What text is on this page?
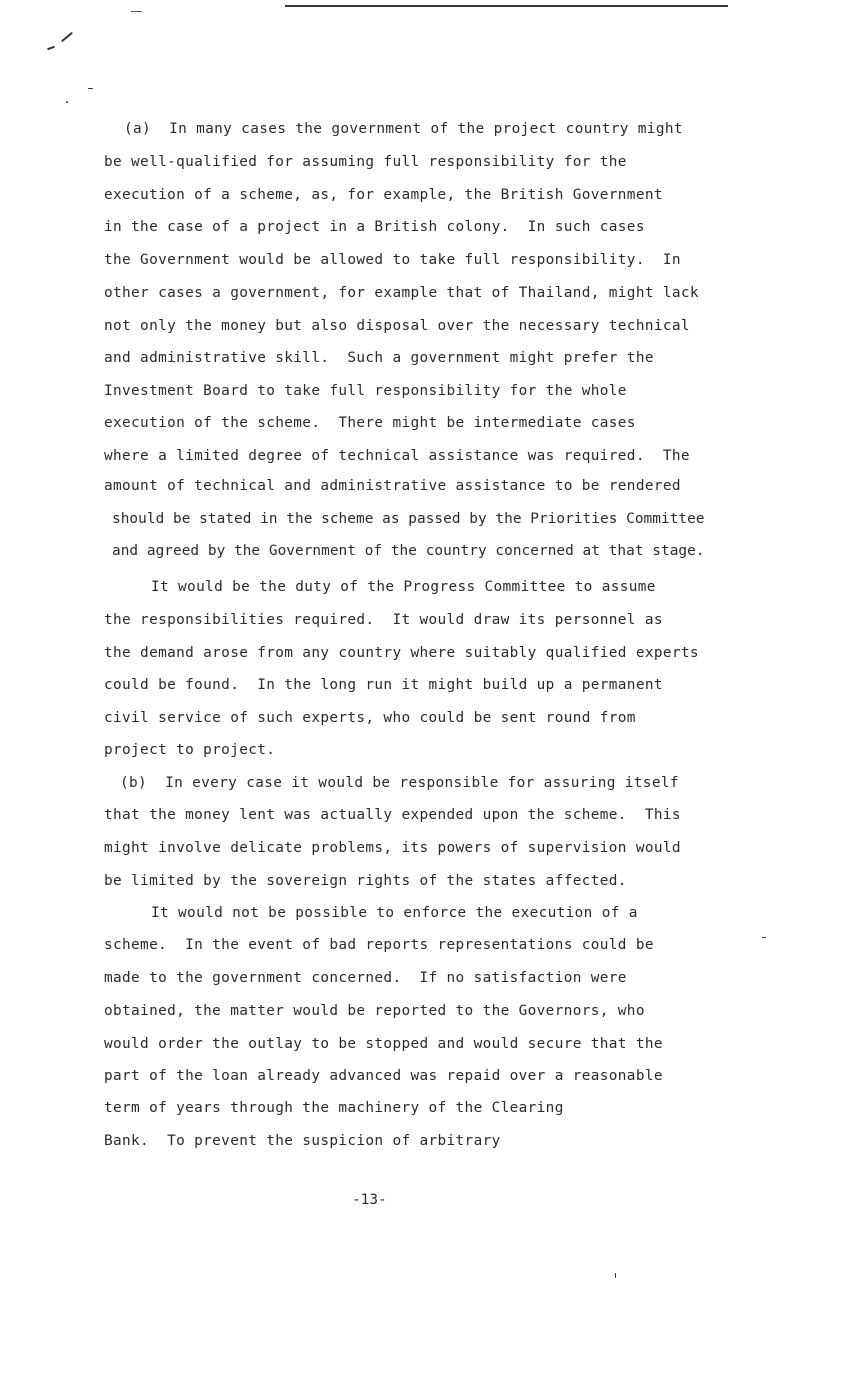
(a)  In many cases the government of the project country might
be well-qualified for assuming full responsibility for the
execution of a scheme, as, for example, the British Government
in the case of a project in a British colony.  In such cases
the Government would be allowed to take full responsibility.  In
other cases a government, for example that of Thailand, might lack
not only the money but also disposal over the necessary technical
and administrative skill.  Such a government might prefer the
Investment Board to take full responsibility for the whole
execution of the scheme.  There might be intermediate cases
where a limited degree of technical assistance was required.  The
amount of technical and administrative assistance to be rendered
should be stated in the scheme as passed by the Priorities Committee
and agreed by the Government of the country concerned at that stage.
It would be the duty of the Progress Committee to assume
the responsibilities required.  It would draw its personnel as
the demand arose from any country where suitably qualified experts
could be found.  In the long run it might build up a permanent
civil service of such experts, who could be sent round from
project to project.
(b)  In every case it would be responsible for assuring itself
that the money lent was actually expended upon the scheme.  This
might involve delicate problems, its powers of supervision would
be limited by the sovereign rights of the states affected.
It would not be possible to enforce the execution of a
scheme.  In the event of bad reports representations could be
made to the government concerned.  If no satisfaction were
obtained, the matter would be reported to the Governors, who
would order the outlay to be stopped and would secure that the
part of the loan already advanced was repaid over a reasonable
term of years through the machinery of the Clearing
Bank.  To prevent the suspicion of arbitrary
-13-
